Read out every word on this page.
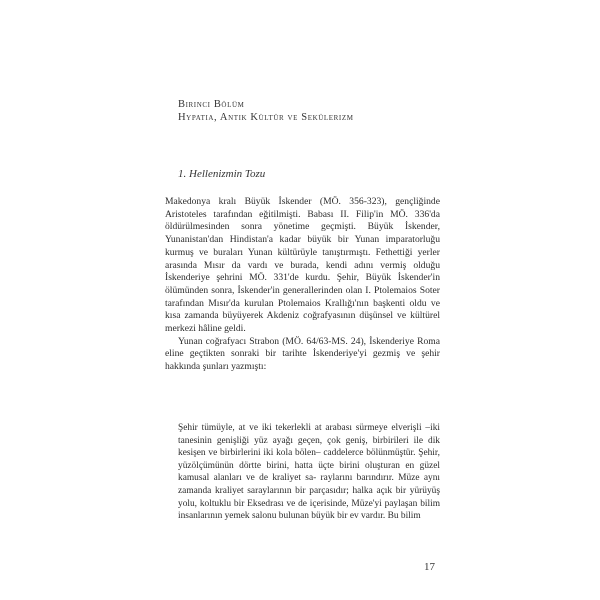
Birinci Bölüm
Hypatia, Antik Kültür ve Sekülerizm
1. Hellenizmin Tozu

Makedonya kralı Büyük İskender (MÖ. 356-323), gençliğinde Aristoteles tarafından eğitilmişti. Babası II. Filip'in MÖ. 336'da öldürülmesinden sonra yönetime geçmişti. Büyük İskender, Yunanistan'dan Hindistan'a kadar büyük bir Yunan imparatorluğu kurmuş ve buraları Yunan kültürüyle tanıştırmıştı. Fethettiği yerler arasında Mısır da vardı ve burada, kendi adını vermiş olduğu İskenderiye şehrini MÖ. 331'de kurdu. Şehir, Büyük İskender'in ölümünden sonra, İskender'in generallerinden olan I. Ptolemaios Soter tarafından Mısır'da kurulan Ptolemaios Krallığı'nın başkenti oldu ve kısa zamanda büyüyerek Akdeniz coğrafyasının düşünsel ve kültürel merkezi hâline geldi.

Yunan coğrafyacı Strabon (MÖ. 64/63-MS. 24), İskenderiye Roma eline geçtikten sonraki bir tarihte İskenderiye'yi gezmiş ve şehir hakkında şunları yazmıştı:

Şehir tümüyle, at ve iki tekerlekli at arabası sürmeye elverişli –iki tanesinin genişliği yüz ayağı geçen, çok geniş, birbirileri ile dik kesişen ve birbirlerini iki kola bölen– caddelerce bölünmüştür. Şehir, yüzölçümünün dörtte birini, hatta üçte birini oluşturan en güzel kamusal alanları ve de kraliyet sa- raylarını barındırır. Müze aynı zamanda kraliyet saraylarının bir parçasıdır; halka açık bir yürüyüş yolu, koltuklu bir Eksedrası ve de içerisinde, Müze'yi paylaşan bilim insanlarının yemek salonu bulunan büyük bir ev vardır. Bu bilim

17
